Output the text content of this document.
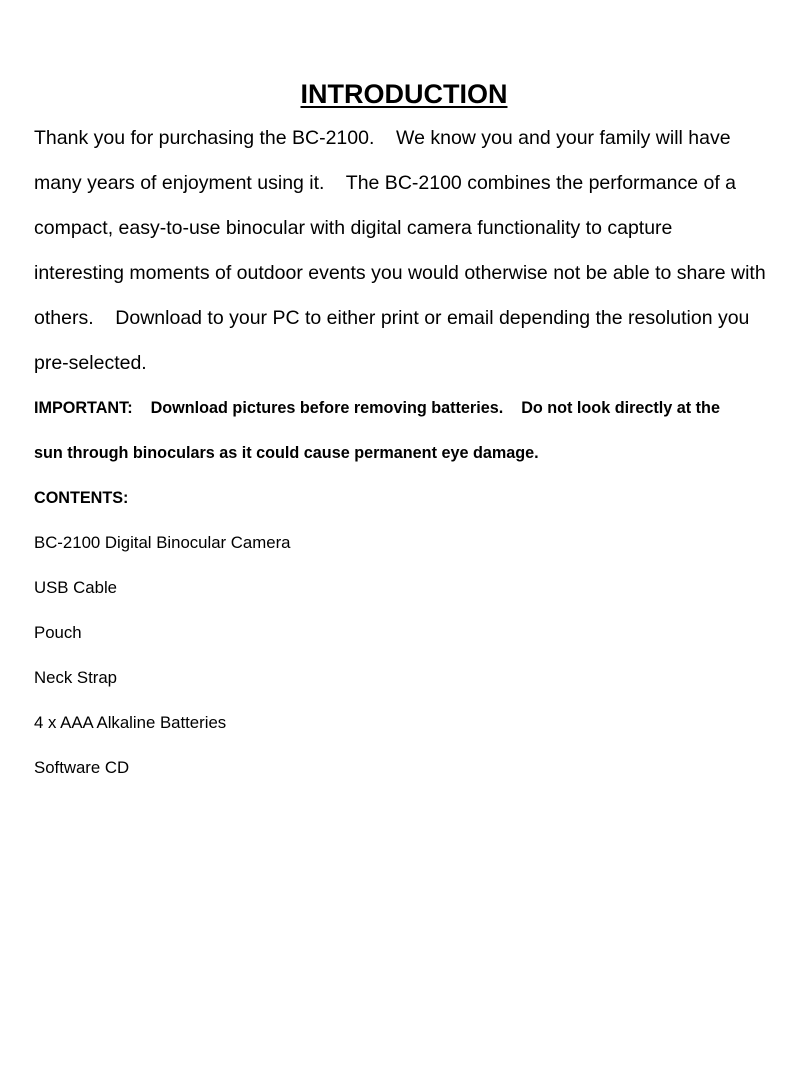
INTRODUCTION
Thank you for purchasing the BC-2100.    We know you and your family will have
many years of enjoyment using it.    The BC-2100 combines the performance of a
compact, easy-to-use binocular with digital camera functionality to capture
interesting moments of outdoor events you would otherwise not be able to share with
others.    Download to your PC to either print or email depending the resolution you
pre-selected.
IMPORTANT:    Download pictures before removing batteries.    Do not look directly at the
sun through binoculars as it could cause permanent eye damage.
CONTENTS:
BC-2100 Digital Binocular Camera
USB Cable
Pouch
Neck Strap
4 x AAA Alkaline Batteries
Software CD
